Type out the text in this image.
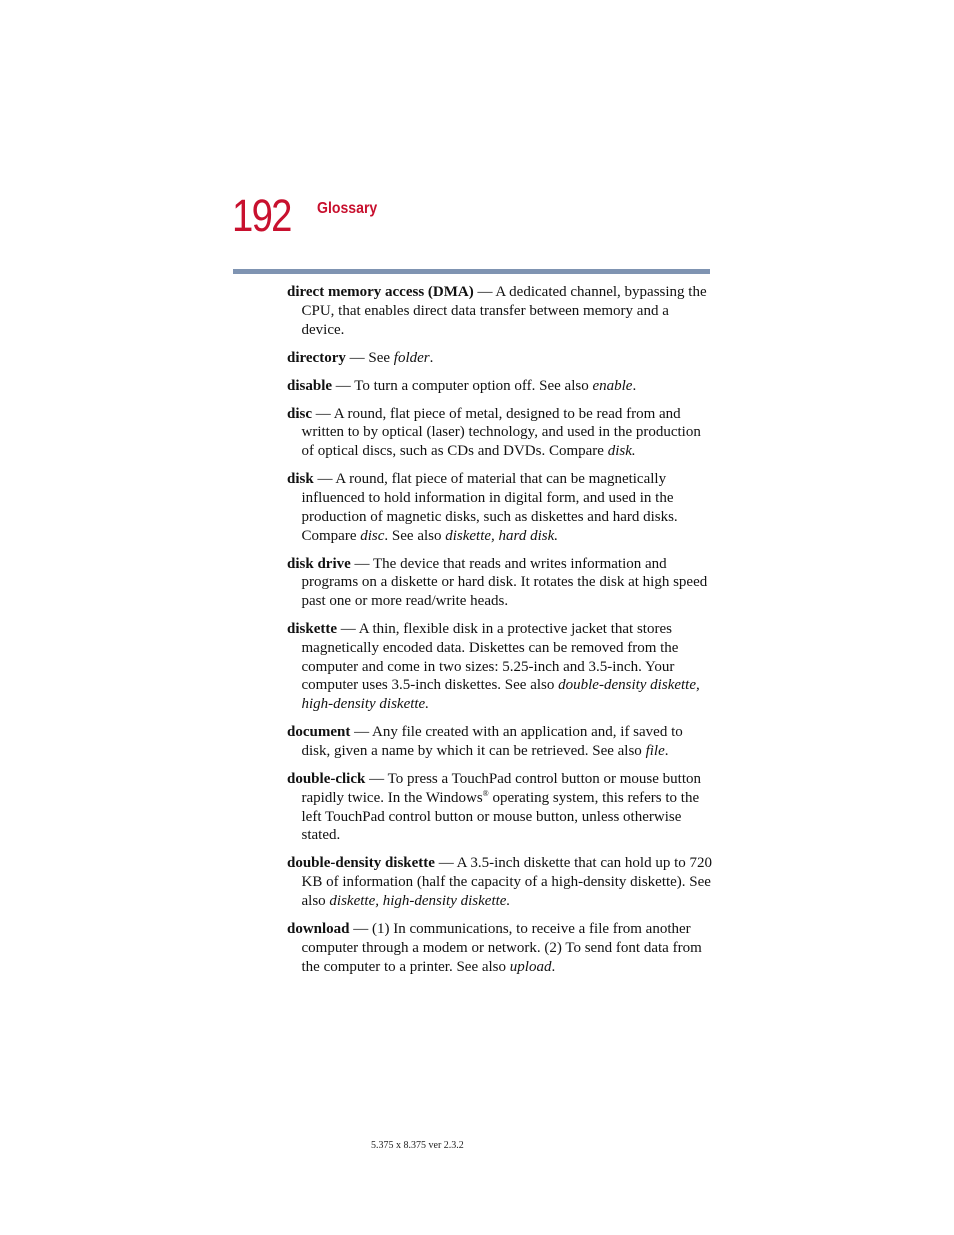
192 Glossary

direct memory access (DMA) — A dedicated channel, bypassing the CPU, that enables direct data transfer between memory and a device.

directory — See folder.

disable — To turn a computer option off. See also enable.

disc — A round, flat piece of metal, designed to be read from and written to by optical (laser) technology, and used in the production of optical discs, such as CDs and DVDs. Compare disk.

disk — A round, flat piece of material that can be magnetically influenced to hold information in digital form, and used in the production of magnetic disks, such as diskettes and hard disks. Compare disc. See also diskette, hard disk.

disk drive — The device that reads and writes information and programs on a diskette or hard disk. It rotates the disk at high speed past one or more read/write heads.

diskette — A thin, flexible disk in a protective jacket that stores magnetically encoded data. Diskettes can be removed from the computer and come in two sizes: 5.25-inch and 3.5-inch. Your computer uses 3.5-inch diskettes. See also double-density diskette, high-density diskette.

document — Any file created with an application and, if saved to disk, given a name by which it can be retrieved. See also file.

double-click — To press a TouchPad control button or mouse button rapidly twice. In the Windows® operating system, this refers to the left TouchPad control button or mouse button, unless otherwise stated.

double-density diskette — A 3.5-inch diskette that can hold up to 720 KB of information (half the capacity of a high-density diskette). See also diskette, high-density diskette.

download — (1) In communications, to receive a file from another computer through a modem or network. (2) To send font data from the computer to a printer. See also upload.

5.375 x 8.375 ver 2.3.2
